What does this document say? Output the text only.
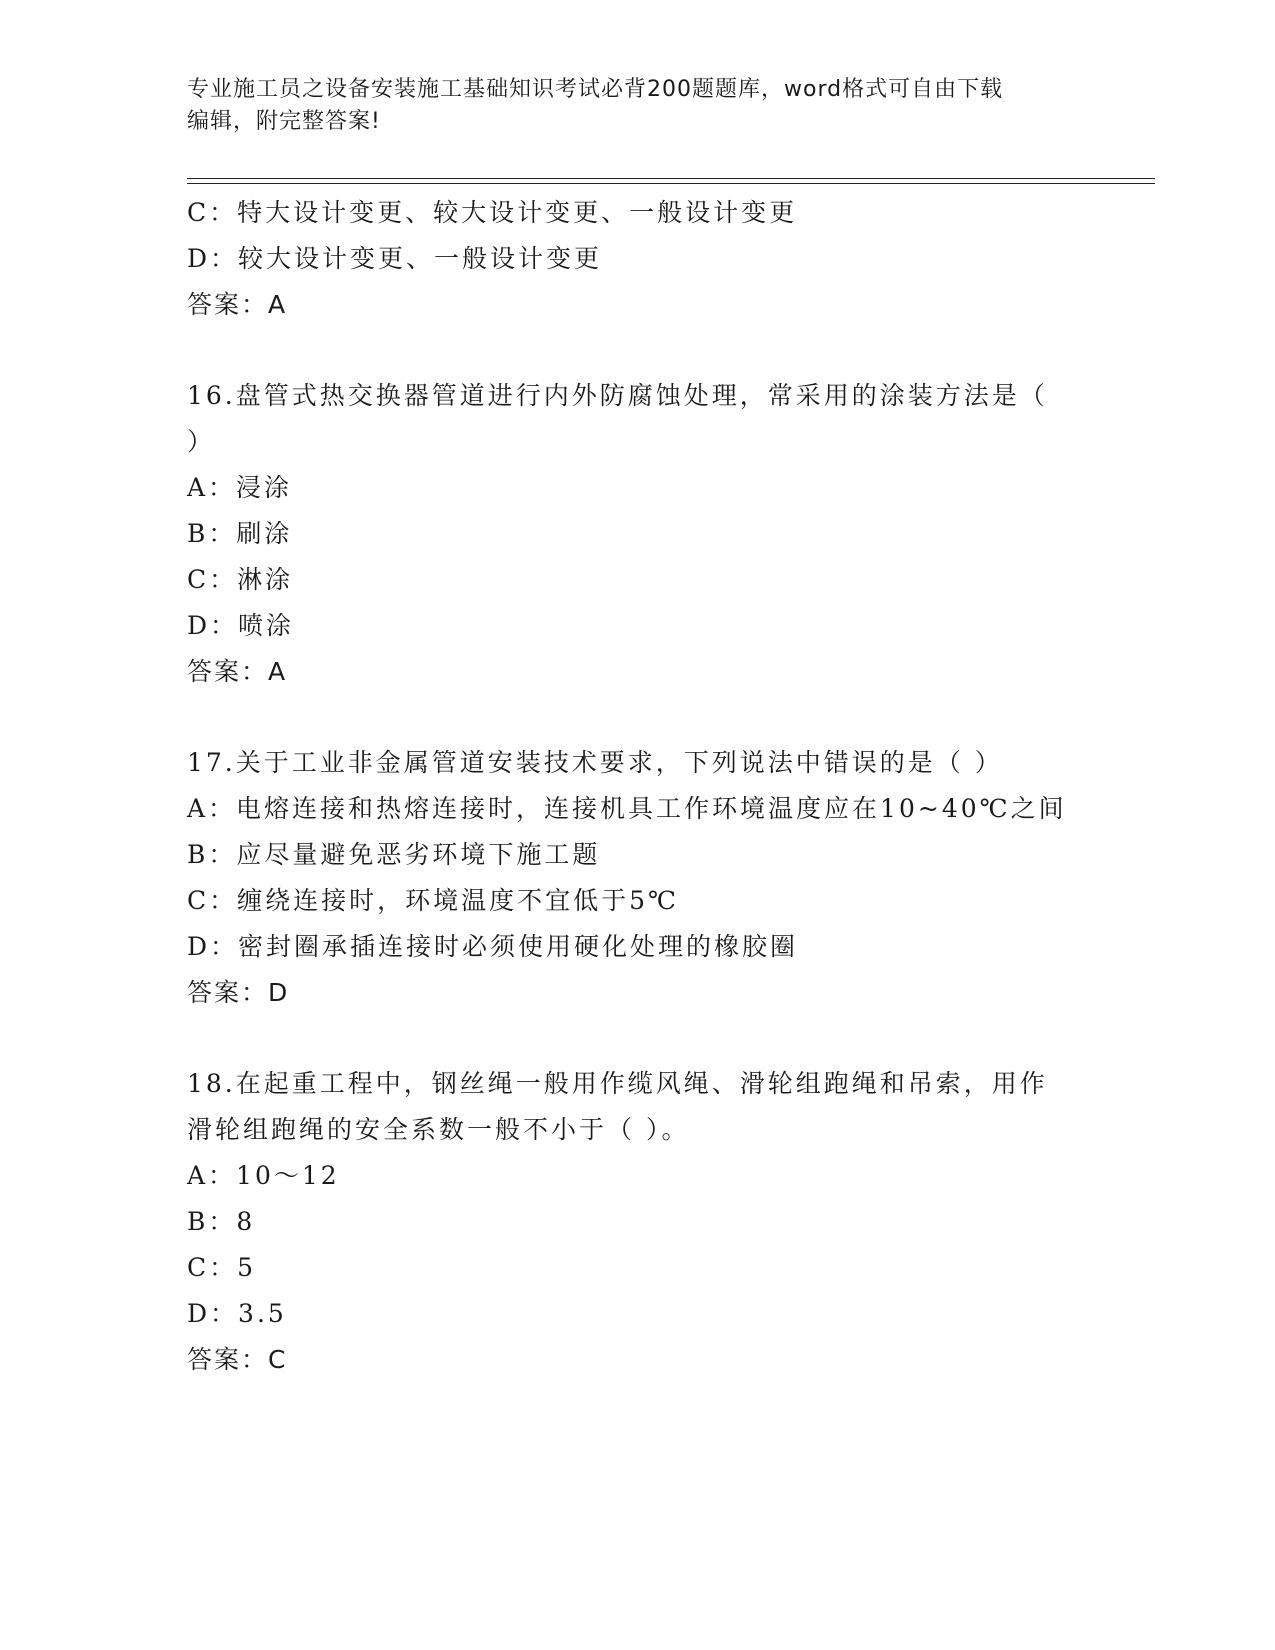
专业施工员之设备安装施工基础知识考试必背200题题库，word格式可自由下载
编辑，附完整答案!
C：特大设计变更、较大设计变更、一般设计变更
D：较大设计变更、一般设计变更
答案：A
16.盘管式热交换器管道进行内外防腐蚀处理，常采用的涂装方法是（
）
A：浸涂
B：刷涂
C：淋涂
D：喷涂
答案：A
17.关于工业非金属管道安装技术要求，下列说法中错误的是（ ）
A：电熔连接和热熔连接时，连接机具工作环境温度应在10~40℃之间
B：应尽量避免恶劣环境下施工题
C：缠绕连接时，环境温度不宜低于5℃
D：密封圈承插连接时必须使用硬化处理的橡胶圈
答案：D
18.在起重工程中，钢丝绳一般用作缆风绳、滑轮组跑绳和吊索，用作
滑轮组跑绳的安全系数一般不小于（ ）。
A：10～12
B：8
C：5
D：3.5
答案：C
